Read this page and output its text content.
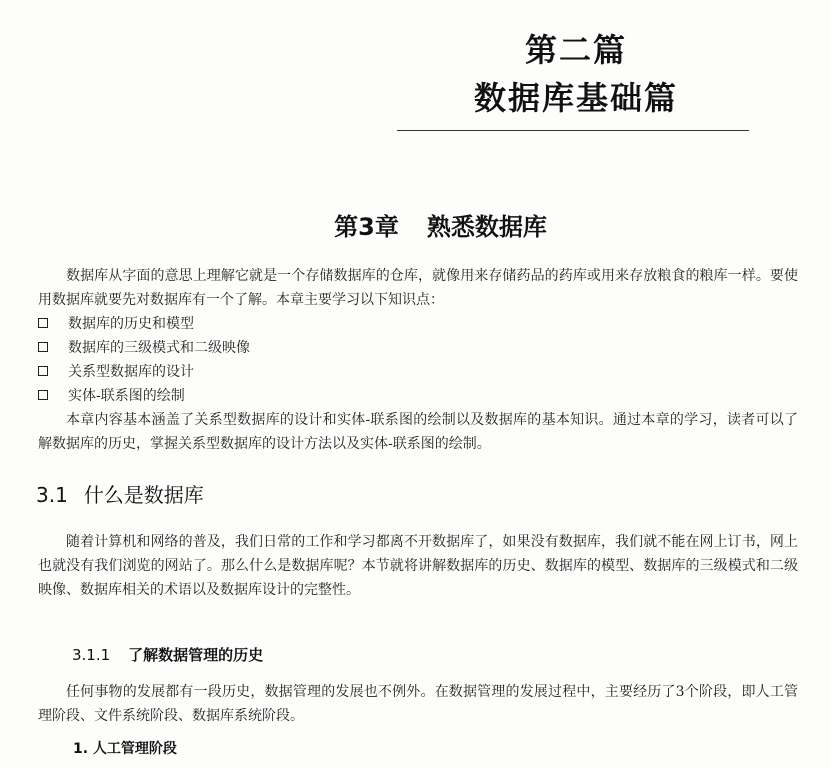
第二篇
数据库基础篇
第3章 熟悉数据库

数据库从字面的意思上理解它就是一个存储数据库的仓库，就像用来存储药品的药库或用来存放粮食的粮库一样。要使用数据库就要先对数据库有一个了解。本章主要学习以下知识点：

数据库的历史和模型
数据库的三级模式和二级映像
关系型数据库的设计
实体-联系图的绘制

本章内容基本涵盖了关系型数据库的设计和实体-联系图的绘制以及数据库的基本知识。通过本章的学习，读者可以了解数据库的历史，掌握关系型数据库的设计方法以及实体-联系图的绘制。

3.1 什么是数据库

随着计算机和网络的普及，我们日常的工作和学习都离不开数据库了，如果没有数据库，我们就不能在网上订书，网上也就没有我们浏览的网站了。那么什么是数据库呢？本节就将讲解数据库的历史、数据库的模型、数据库的三级模式和二级映像、数据库相关的术语以及数据库设计的完整性。

3.1.1 了解数据管理的历史

任何事物的发展都有一段历史，数据管理的发展也不例外。在数据管理的发展过程中，主要经历了3个阶段，即人工管理阶段、文件系统阶段、数据库系统阶段。

1. 人工管理阶段
